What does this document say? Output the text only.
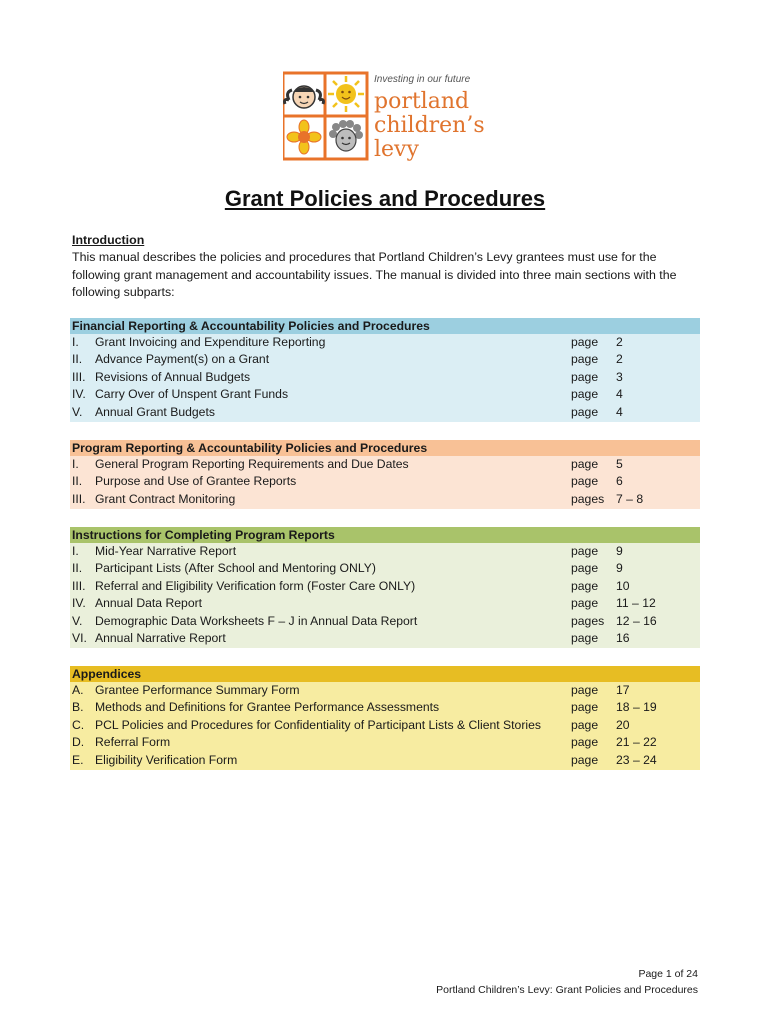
Investing in our future
portland
children’s
levy
Grant Policies and Procedures
Introduction
This manual describes the policies and procedures that Portland Children’s Levy grantees must use for the following grant management and accountability issues. The manual is divided into three main sections with the following subparts:
Financial Reporting & Accountability Policies and Procedures
I. Grant Invoicing and Expenditure Reporting	page 2
II. Advance Payment(s) on a Grant	page 2
III. Revisions of Annual Budgets	page 3
IV. Carry Over of Unspent Grant Funds	page 4
V. Annual Grant Budgets	page 4
Program Reporting & Accountability Policies and Procedures
I. General Program Reporting Requirements and Due Dates	page 5
II. Purpose and Use of Grantee Reports	page 6
III. Grant Contract Monitoring	pages 7 – 8
Instructions for Completing Program Reports
I. Mid-Year Narrative Report	page 9
II. Participant Lists (After School and Mentoring ONLY)	page 9
III. Referral and Eligibility Verification form (Foster Care ONLY)	page 10
IV. Annual Data Report	page 11 – 12
V. Demographic Data Worksheets F – J in Annual Data Report	pages 12 – 16
VI. Annual Narrative Report	page 16
Appendices
A. Grantee Performance Summary Form	page 17
B. Methods and Definitions for Grantee Performance Assessments	page 18 – 19
C. PCL Policies and Procedures for Confidentiality of Participant Lists & Client Stories page 20
D. Referral Form	page 21 – 22
E. Eligibility Verification Form	page 23 – 24
Page 1 of 24
Portland Children’s Levy: Grant Policies and Procedures
